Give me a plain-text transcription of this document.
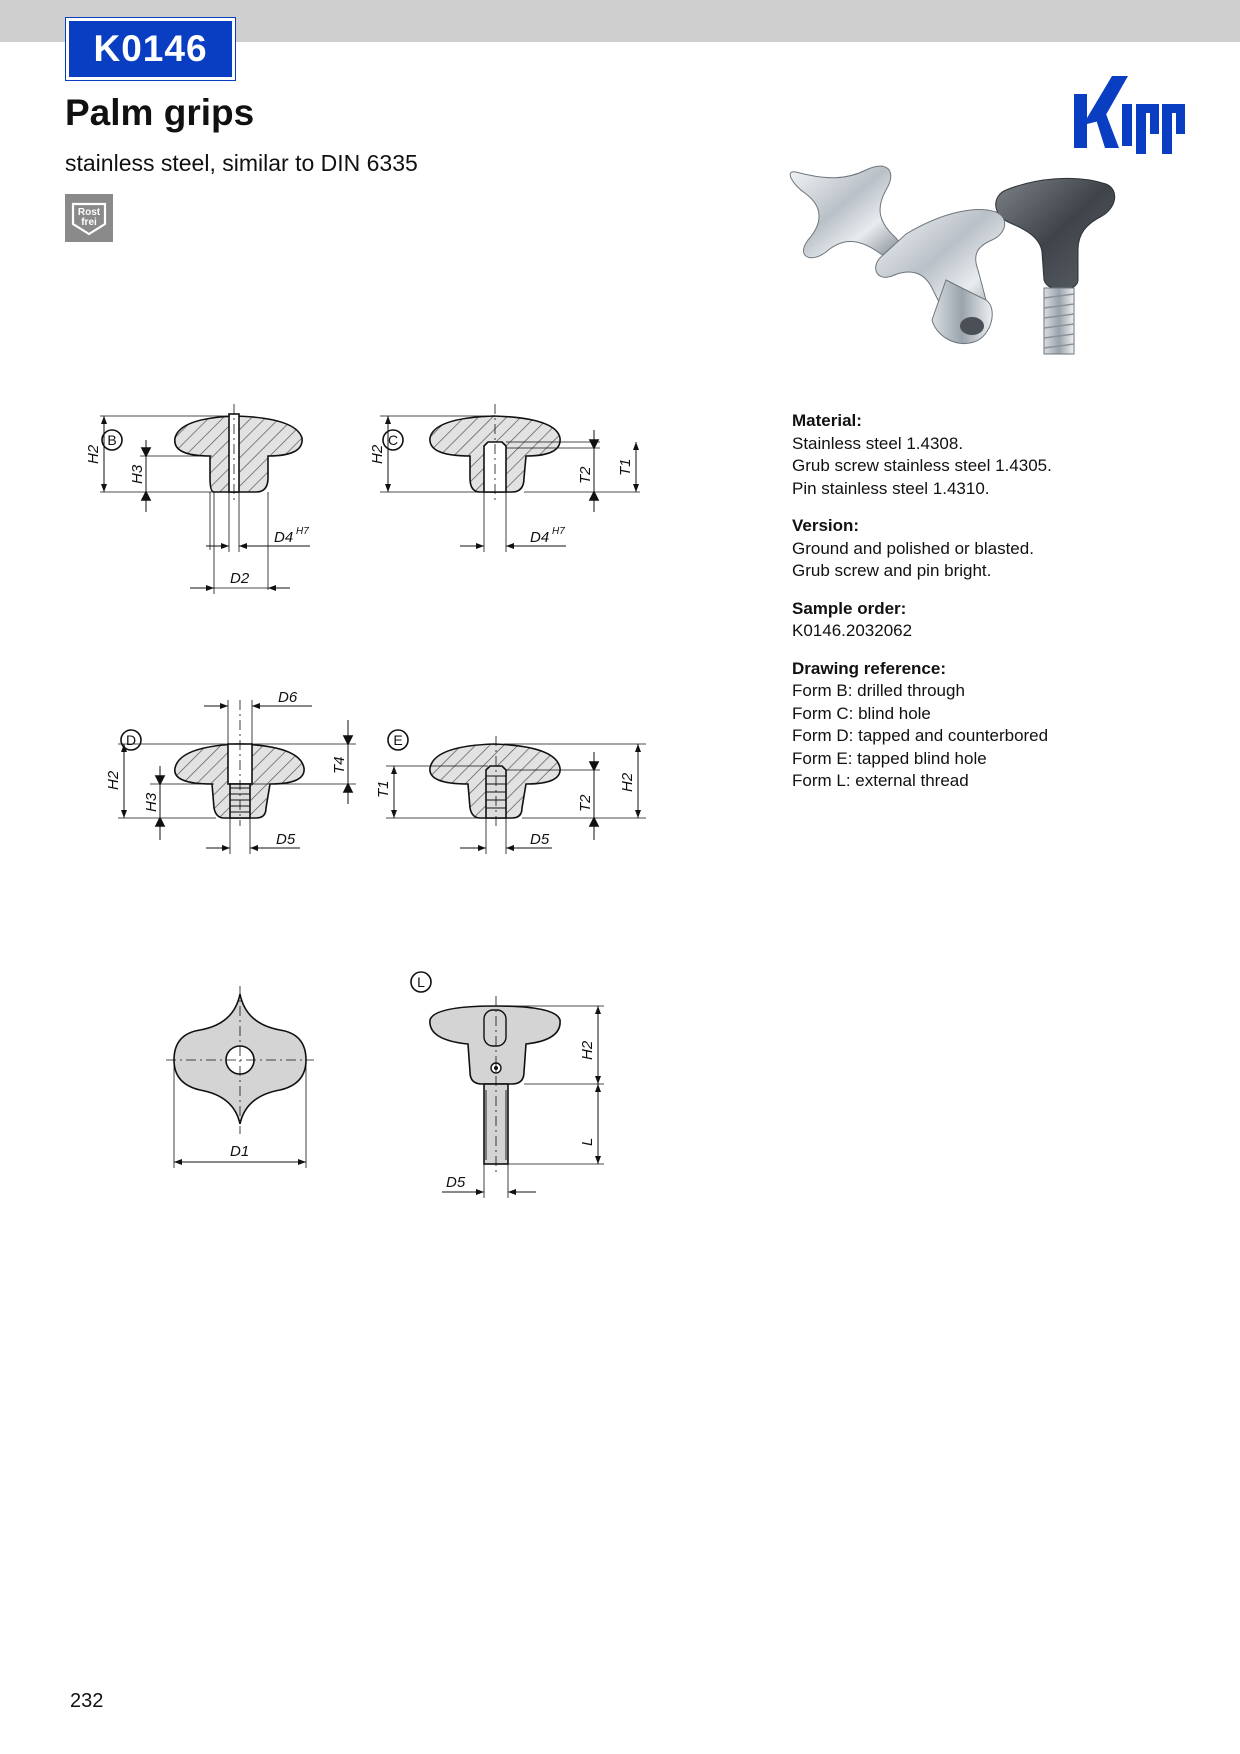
K0146
Palm grips

stainless steel, similar to DIN 6335

Rost
frei
B
H2
H3
D4 H7
D2
C
H2
T2 T1
D4 H7
D
D6
H2
H3
T4
D5
E
T1
T2
H2
D5
D1
L
H2
L
D5
Material:
Stainless steel 1.4308.
Grub screw stainless steel 1.4305.
Pin stainless steel 1.4310.
Version:
Ground and polished or blasted.
Grub screw and pin bright.
Sample order:
K0146.2032062
Drawing reference:
Form B: drilled through
Form C: blind hole
Form D: tapped and counterbored
Form E: tapped blind hole
Form L: external thread
232
